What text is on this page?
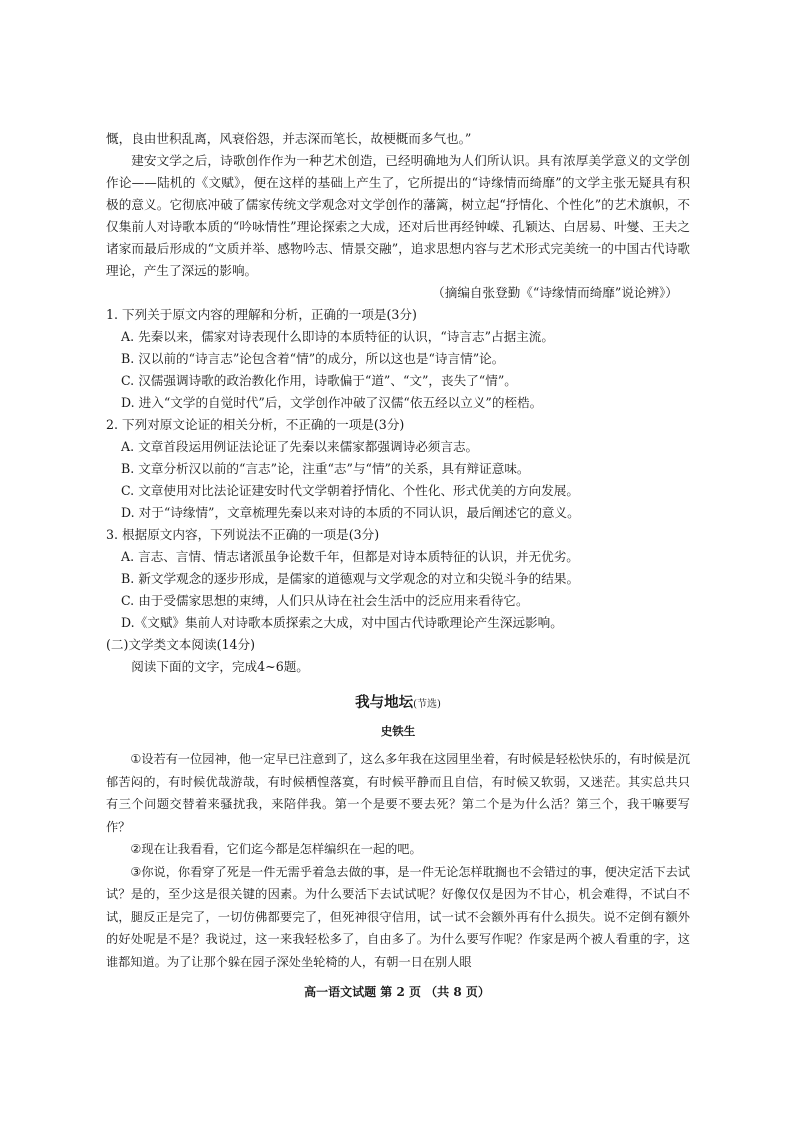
慨，良由世积乱离，风衰俗怨，并志深而笔长，故梗概而多气也。”

建安文学之后，诗歌创作作为一种艺术创造，已经明确地为人们所认识。具有浓厚美学意义的文学创作论——陆机的《文赋》，便在这样的基础上产生了，它所提出的“诗缘情而绮靡”的文学主张无疑具有积极的意义。它彻底冲破了儒家传统文学观念对文学创作的藩篱，树立起“抒情化、个性化”的艺术旗帜，不仅集前人对诗歌本质的“吟咏情性”理论探索之大成，还对后世再经钟嵘、孔颖达、白居易、叶燮、王夫之诸家而最后形成的“文质并举、感物吟志、情景交融”，追求思想内容与艺术形式完美统一的中国古代诗歌理论，产生了深远的影响。

（摘编自张登勤《“诗缘情而绮靡”说论辨》）

1. 下列关于原文内容的理解和分析，正确的一项是(3分)

A. 先秦以来，儒家对诗表现什么即诗的本质特征的认识，“诗言志”占据主流。

B. 汉以前的“诗言志”论包含着“情”的成分，所以这也是“诗言情”论。

C. 汉儒强调诗歌的政治教化作用，诗歌偏于“道”、“文”，丧失了“情”。

D. 进入“文学的自觉时代”后，文学创作冲破了汉儒“依五经以立义”的桎梏。

2. 下列对原文论证的相关分析，不正确的一项是(3分)

A. 文章首段运用例证法论证了先秦以来儒家都强调诗必须言志。

B. 文章分析汉以前的“言志”论，注重“志”与“情”的关系，具有辩证意味。

C. 文章使用对比法论证建安时代文学朝着抒情化、个性化、形式优美的方向发展。

D. 对于“诗缘情”，文章梳理先秦以来对诗的本质的不同认识，最后阐述它的意义。

3. 根据原文内容，下列说法不正确的一项是(3分)

A. 言志、言情、情志诸派虽争论数千年，但都是对诗本质特征的认识，并无优劣。

B. 新文学观念的逐步形成，是儒家的道德观与文学观念的对立和尖锐斗争的结果。

C. 由于受儒家思想的束缚，人们只从诗在社会生活中的泛应用来看待它。

D.《文赋》集前人对诗歌本质探索之大成，对中国古代诗歌理论产生深远影响。

(二)文学类文本阅读(14分)

阅读下面的文字，完成4~6题。

我与地坛(节选)

史铁生

①设若有一位园神，他一定早已注意到了，这么多年我在这园里坐着，有时候是轻松快乐的，有时候是沉郁苦闷的，有时候优哉游哉，有时候栖惶落寞，有时候平静而且自信，有时候又软弱，又迷茫。其实总共只有三个问题交替着来骚扰我，来陪伴我。第一个是要不要去死？第二个是为什么活？第三个，我干嘛要写作？

②现在让我看看，它们迄今都是怎样编织在一起的吧。

③你说，你看穿了死是一件无需乎着急去做的事，是一件无论怎样耽搁也不会错过的事，便决定活下去试试？是的，至少这是很关键的因素。为什么要活下去试试呢？好像仅仅是因为不甘心，机会难得，不试白不试，腿反正是完了，一切仿佛都要完了，但死神很守信用，试一试不会额外再有什么损失。说不定倒有额外的好处呢是不是？我说过，这一来我轻松多了，自由多了。为什么要写作呢？作家是两个被人看重的字，这谁都知道。为了让那个躲在园子深处坐轮椅的人，有朝一日在别人眼

高一语文试题 第 2 页 （共 8 页）
